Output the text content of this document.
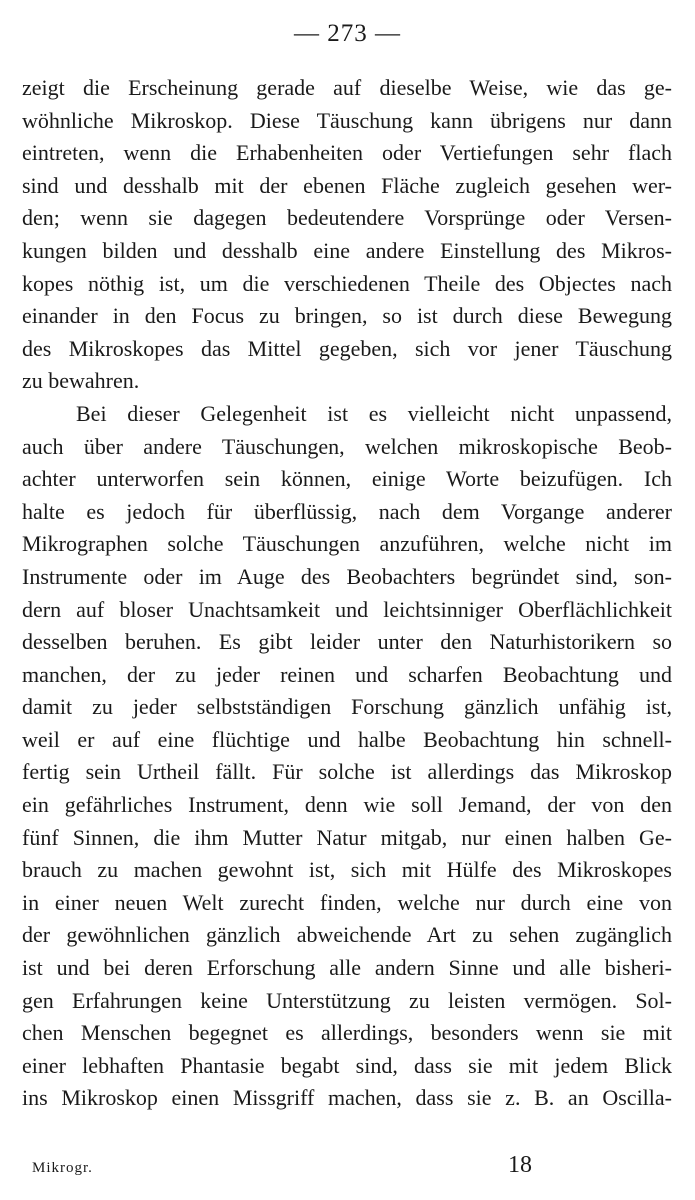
— 273 —
zeigt die Erscheinung gerade auf dieselbe Weise, wie das ge-
wöhnliche Mikroskop. Diese Täuschung kann übrigens nur dann
eintreten, wenn die Erhabenheiten oder Vertiefungen sehr flach
sind und desshalb mit der ebenen Fläche zugleich gesehen wer-
den; wenn sie dagegen bedeutendere Vorsprünge oder Versen-
kungen bilden und desshalb eine andere Einstellung des Mikros-
kopes nöthig ist, um die verschiedenen Theile des Objectes nach
einander in den Focus zu bringen, so ist durch diese Bewegung
des Mikroskopes das Mittel gegeben, sich vor jener Täuschung
zu bewahren.
Bei dieser Gelegenheit ist es vielleicht nicht unpassend,
auch über andere Täuschungen, welchen mikroskopische Beob-
achter unterworfen sein können, einige Worte beizufügen. Ich
halte es jedoch für überflüssig, nach dem Vorgange anderer
Mikrographen solche Täuschungen anzuführen, welche nicht im
Instrumente oder im Auge des Beobachters begründet sind, son-
dern auf bloser Unachtsamkeit und leichtsinniger Oberflächlichkeit
desselben beruhen. Es gibt leider unter den Naturhistorikern so
manchen, der zu jeder reinen und scharfen Beobachtung und
damit zu jeder selbstständigen Forschung gänzlich unfähig ist,
weil er auf eine flüchtige und halbe Beobachtung hin schnell-
fertig sein Urtheil fällt. Für solche ist allerdings das Mikroskop
ein gefährliches Instrument, denn wie soll Jemand, der von den
fünf Sinnen, die ihm Mutter Natur mitgab, nur einen halben Ge-
brauch zu machen gewohnt ist, sich mit Hülfe des Mikroskopes
in einer neuen Welt zurecht finden, welche nur durch eine von
der gewöhnlichen gänzlich abweichende Art zu sehen zugänglich
ist und bei deren Erforschung alle andern Sinne und alle bisheri-
gen Erfahrungen keine Unterstützung zu leisten vermögen. Sol-
chen Menschen begegnet es allerdings, besonders wenn sie mit
einer lebhaften Phantasie begabt sind, dass sie mit jedem Blick
ins Mikroskop einen Missgriff machen, dass sie z. B. an Oscilla-
Mikrogr.	18
